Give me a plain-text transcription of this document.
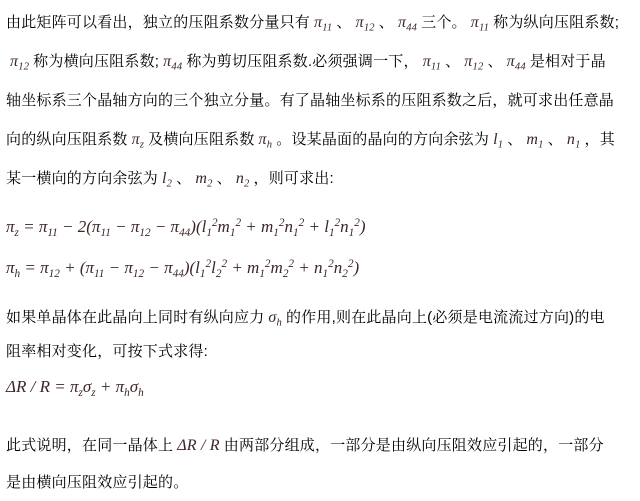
由此矩阵可以看出，独立的压阻系数分量只有 $\pi_{11}$ 、 $\pi_{12}$ 、 $\pi_{44}$ 三个。 $\pi_{11}$ 称为纵向压阻系数;
$\pi_{12}$ 称为横向压阻系数; $\pi_{44}$ 称为剪切压阻系数.必须强调一下， $\pi_{11}$ 、 $\pi_{12}$ 、 $\pi_{44}$ 是相对于晶
轴坐标系三个晶轴方向的三个独立分量。有了晶轴坐标系的压阻系数之后，就可求出任意晶
向的纵向压阻系数 $\pi_z$ 及横向压阻系数 $\pi_h$ 。设某晶面的晶向的方向余弦为 $l_1$ 、 $m_1$ 、 $n_1$ ，其
某一横向的方向余弦为 $l_2$ 、 $m_2$ 、 $n_2$ ，则可求出:
$\pi_z = \pi_{11} - 2(\pi_{11} - \pi_{12} - \pi_{44})(l_1^2m_1^2 + m_1^2n_1^2 + l_1^2n_1^2)$
$\pi_h = \pi_{12} + (\pi_{11} - \pi_{12} - \pi_{44})(l_1^2l_2^2 + m_1^2m_2^2 + n_1^2n_2^2)$
如果单晶体在此晶向上同时有纵向应力 $\sigma_h$ 的作用,则在此晶向上(必须是电流流过方向)的电
阻率相对变化，可按下式求得:
$\Delta R / R = \pi_z\sigma_z + \pi_h\sigma_h$
此式说明，在同一晶体上 ΔR / R 由两部分组成，一部分是由纵向压阻效应引起的，一部分
是由横向压阻效应引起的。
